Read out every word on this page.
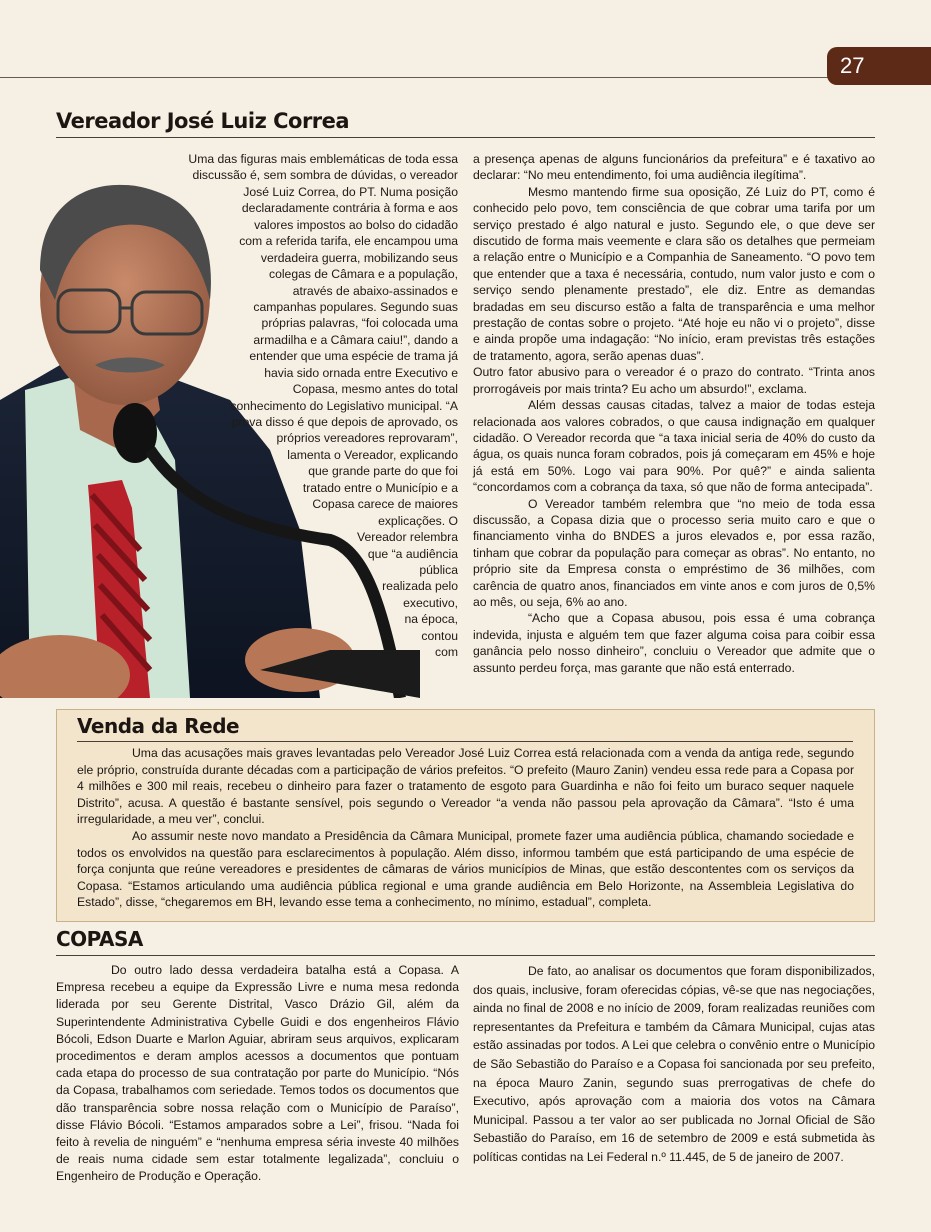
27
Vereador José Luiz Correa
Uma das figuras mais emblemáticas de toda essa
discussão é, sem sombra de dúvidas, o vereador
José Luiz Correa, do PT. Numa posição
declaradamente contrária à forma e aos
valores impostos ao bolso do cidadão
com a referida tarifa, ele encampou uma
verdadeira guerra, mobilizando seus
colegas de Câmara e a população,
através de abaixo-assinados e
campanhas populares. Segundo suas
próprias palavras, “foi colocada uma
armadilha e a Câmara caiu!”, dando a
entender que uma espécie de trama já
havia sido ornada entre Executivo e
Copasa, mesmo antes do total
conhecimento do Legislativo municipal. “A
prova disso é que depois de aprovado, os
próprios vereadores reprovaram”,
lamenta o Vereador, explicando
que grande parte do que foi
tratado entre o Município e a
Copasa carece de maiores
explicações. O
Vereador relembra
que “a audiência
pública
realizada pelo
executivo,
na época,
contou
com

a presença apenas de alguns funcionários da prefeitura” e é taxativo ao declarar: “No meu entendimento, foi uma audiência ilegítima”.

Mesmo mantendo firme sua oposição, Zé Luiz do PT, como é conhecido pelo povo, tem consciência de que cobrar uma tarifa por um serviço prestado é algo natural e justo. Segundo ele, o que deve ser discutido de forma mais veemente e clara são os detalhes que permeiam a relação entre o Município e a Companhia de Saneamento. “O povo tem que entender que a taxa é necessária, contudo, num valor justo e com o serviço sendo plenamente prestado”, ele diz. Entre as demandas bradadas em seu discurso estão a falta de transparência e uma melhor prestação de contas sobre o projeto. “Até hoje eu não vi o projeto”, disse e ainda propõe uma indagação: “No início, eram previstas três estações de tratamento, agora, serão apenas duas”.

Outro fator abusivo para o vereador é o prazo do contrato. “Trinta anos prorrogáveis por mais trinta? Eu acho um absurdo!”, exclama.

Além dessas causas citadas, talvez a maior de todas esteja relacionada aos valores cobrados, o que causa indignação em qualquer cidadão. O Vereador recorda que “a taxa inicial seria de 40% do custo da água, os quais nunca foram cobrados, pois já começaram em 45% e hoje já está em 50%. Logo vai para 90%. Por quê?” e ainda salienta “concordamos com a cobrança da taxa, só que não de forma antecipada”.

O Vereador também relembra que “no meio de toda essa discussão, a Copasa dizia que o processo seria muito caro e que o financiamento vinha do BNDES a juros elevados e, por essa razão, tinham que cobrar da população para começar as obras”. No entanto, no próprio site da Empresa consta o empréstimo de 36 milhões, com carência de quatro anos, financiados em vinte anos e com juros de 0,5% ao mês, ou seja, 6% ao ano.

“Acho que a Copasa abusou, pois essa é uma cobrança indevida, injusta e alguém tem que fazer alguma coisa para coibir essa ganância pelo nosso dinheiro”, concluiu o Vereador que admite que o assunto perdeu força, mas garante que não está enterrado.

Venda da Rede

Uma das acusações mais graves levantadas pelo Vereador José Luiz Correa está relacionada com a venda da antiga rede, segundo ele próprio, construída durante décadas com a participação de vários prefeitos. “O prefeito (Mauro Zanin) vendeu essa rede para a Copasa por 4 milhões e 300 mil reais, recebeu o dinheiro para fazer o tratamento de esgoto para Guardinha e não foi feito um buraco sequer naquele Distrito”, acusa. A questão é bastante sensível, pois segundo o Vereador “a venda não passou pela aprovação da Câmara”. “Isto é uma irregularidade, a meu ver”, conclui.

Ao assumir neste novo mandato a Presidência da Câmara Municipal, promete fazer uma audiência pública, chamando sociedade e todos os envolvidos na questão para esclarecimentos à população. Além disso, informou também que está participando de uma espécie de força conjunta que reúne vereadores e presidentes de câmaras de vários municípios de Minas, que estão descontentes com os serviços da Copasa. “Estamos articulando uma audiência pública regional e uma grande audiência em Belo Horizonte, na Assembleia Legislativa do Estado”, disse, “chegaremos em BH, levando esse tema a conhecimento, no mínimo, estadual”, completa.

COPASA

Do outro lado dessa verdadeira batalha está a Copasa. A Empresa recebeu a equipe da Expressão Livre e numa mesa redonda liderada por seu Gerente Distrital, Vasco Drázio Gil, além da Superintendente Administrativa Cybelle Guidi e dos engenheiros Flávio Bócoli, Edson Duarte e Marlon Aguiar, abriram seus arquivos, explicaram procedimentos e deram amplos acessos a documentos que pontuam cada etapa do processo de sua contratação por parte do Município. “Nós da Copasa, trabalhamos com seriedade. Temos todos os documentos que dão transparência sobre nossa relação com o Município de Paraíso”, disse Flávio Bócoli. “Estamos amparados sobre a Lei”, frisou. “Nada foi feito à revelia de ninguém” e “nenhuma empresa séria investe 40 milhões de reais numa cidade sem estar totalmente legalizada”, concluiu o Engenheiro de Produção e Operação.

De fato, ao analisar os documentos que foram disponibilizados, dos quais, inclusive, foram oferecidas cópias, vê-se que nas negociações, ainda no final de 2008 e no início de 2009, foram realizadas reuniões com representantes da Prefeitura e também da Câmara Municipal, cujas atas estão assinadas por todos. A Lei que celebra o convênio entre o Município de São Sebastião do Paraíso e a Copasa foi sancionada por seu prefeito, na época Mauro Zanin, segundo suas prerrogativas de chefe do Executivo, após aprovação com a maioria dos votos na Câmara Municipal. Passou a ter valor ao ser publicada no Jornal Oficial de São Sebastião do Paraíso, em 16 de setembro de 2009 e está submetida às políticas contidas na Lei Federal n.º 11.445, de 5 de janeiro de 2007.
